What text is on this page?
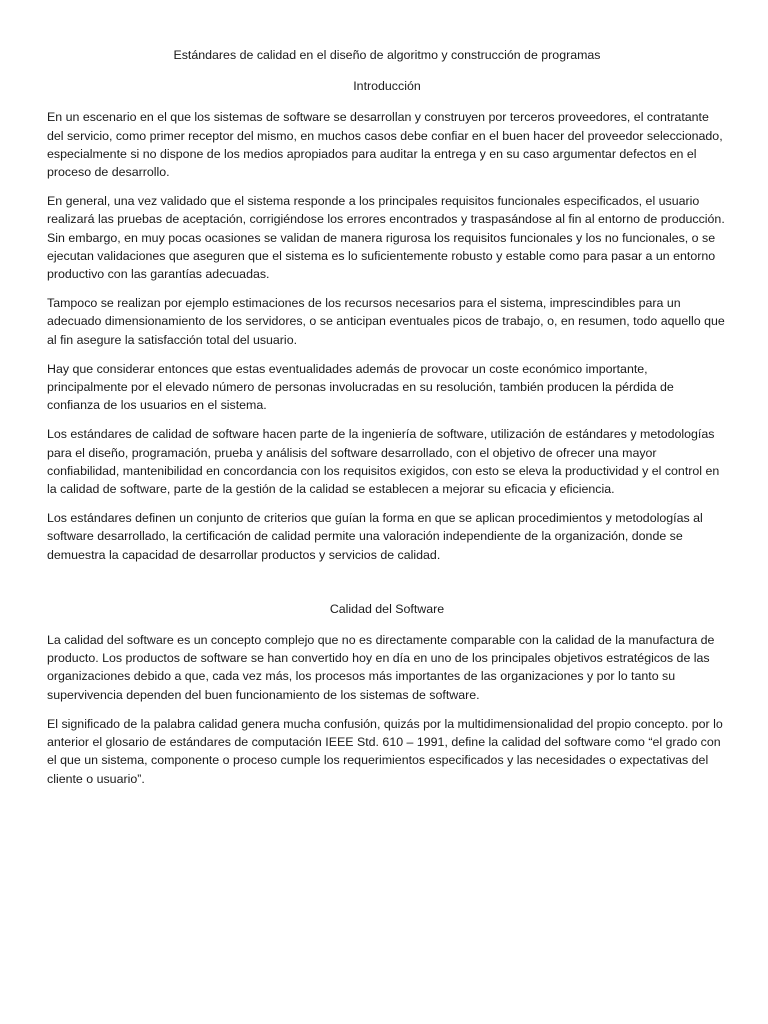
Estándares de calidad en el diseño de algoritmo y construcción de programas

Introducción

En un escenario en el que los sistemas de software se desarrollan y construyen por terceros proveedores, el contratante del servicio, como primer receptor del mismo, en muchos casos debe confiar en el buen hacer del proveedor seleccionado, especialmente si no dispone de los medios apropiados para auditar la entrega y en su caso argumentar defectos en el proceso de desarrollo.

En general, una vez validado que el sistema responde a los principales requisitos funcionales especificados, el usuario realizará las pruebas de aceptación, corrigiéndose los errores encontrados y traspasándose al fin al entorno de producción. Sin embargo, en muy pocas ocasiones se validan de manera rigurosa los requisitos funcionales y los no funcionales, o se ejecutan validaciones que aseguren que el sistema es lo suficientemente robusto y estable como para pasar a un entorno productivo con las garantías adecuadas.

Tampoco se realizan por ejemplo estimaciones de los recursos necesarios para el sistema, imprescindibles para un adecuado dimensionamiento de los servidores, o se anticipan eventuales picos de trabajo, o, en resumen, todo aquello que al fin asegure la satisfacción total del usuario.

Hay que considerar entonces que estas eventualidades además de provocar un coste económico importante, principalmente por el elevado número de personas involucradas en su resolución, también producen la pérdida de confianza de los usuarios en el sistema.

Los estándares de calidad de software hacen parte de la ingeniería de software, utilización de estándares y metodologías para el diseño, programación, prueba y análisis del software desarrollado, con el objetivo de ofrecer una mayor confiabilidad, mantenibilidad en concordancia con los requisitos exigidos, con esto se eleva la productividad y el control en la calidad de software, parte de la gestión de la calidad se establecen a mejorar su eficacia y eficiencia.

Los estándares definen un conjunto de criterios que guían la forma en que se aplican procedimientos y metodologías al software desarrollado, la certificación de calidad permite una valoración independiente de la organización, donde se demuestra la capacidad de desarrollar productos y servicios de calidad.

Calidad del Software

La calidad del software es un concepto complejo que no es directamente comparable con la calidad de la manufactura de producto. Los productos de software se han convertido hoy en día en uno de los principales objetivos estratégicos de las organizaciones debido a que, cada vez más, los procesos más importantes de las organizaciones y por lo tanto su supervivencia dependen del buen funcionamiento de los sistemas de software.

El significado de la palabra calidad genera mucha confusión, quizás por la multidimensionalidad del propio concepto. por lo anterior el glosario de estándares de computación IEEE Std. 610 – 1991, define la calidad del software como “el grado con el que un sistema, componente o proceso cumple los requerimientos especificados y las necesidades o expectativas del cliente o usuario”.
